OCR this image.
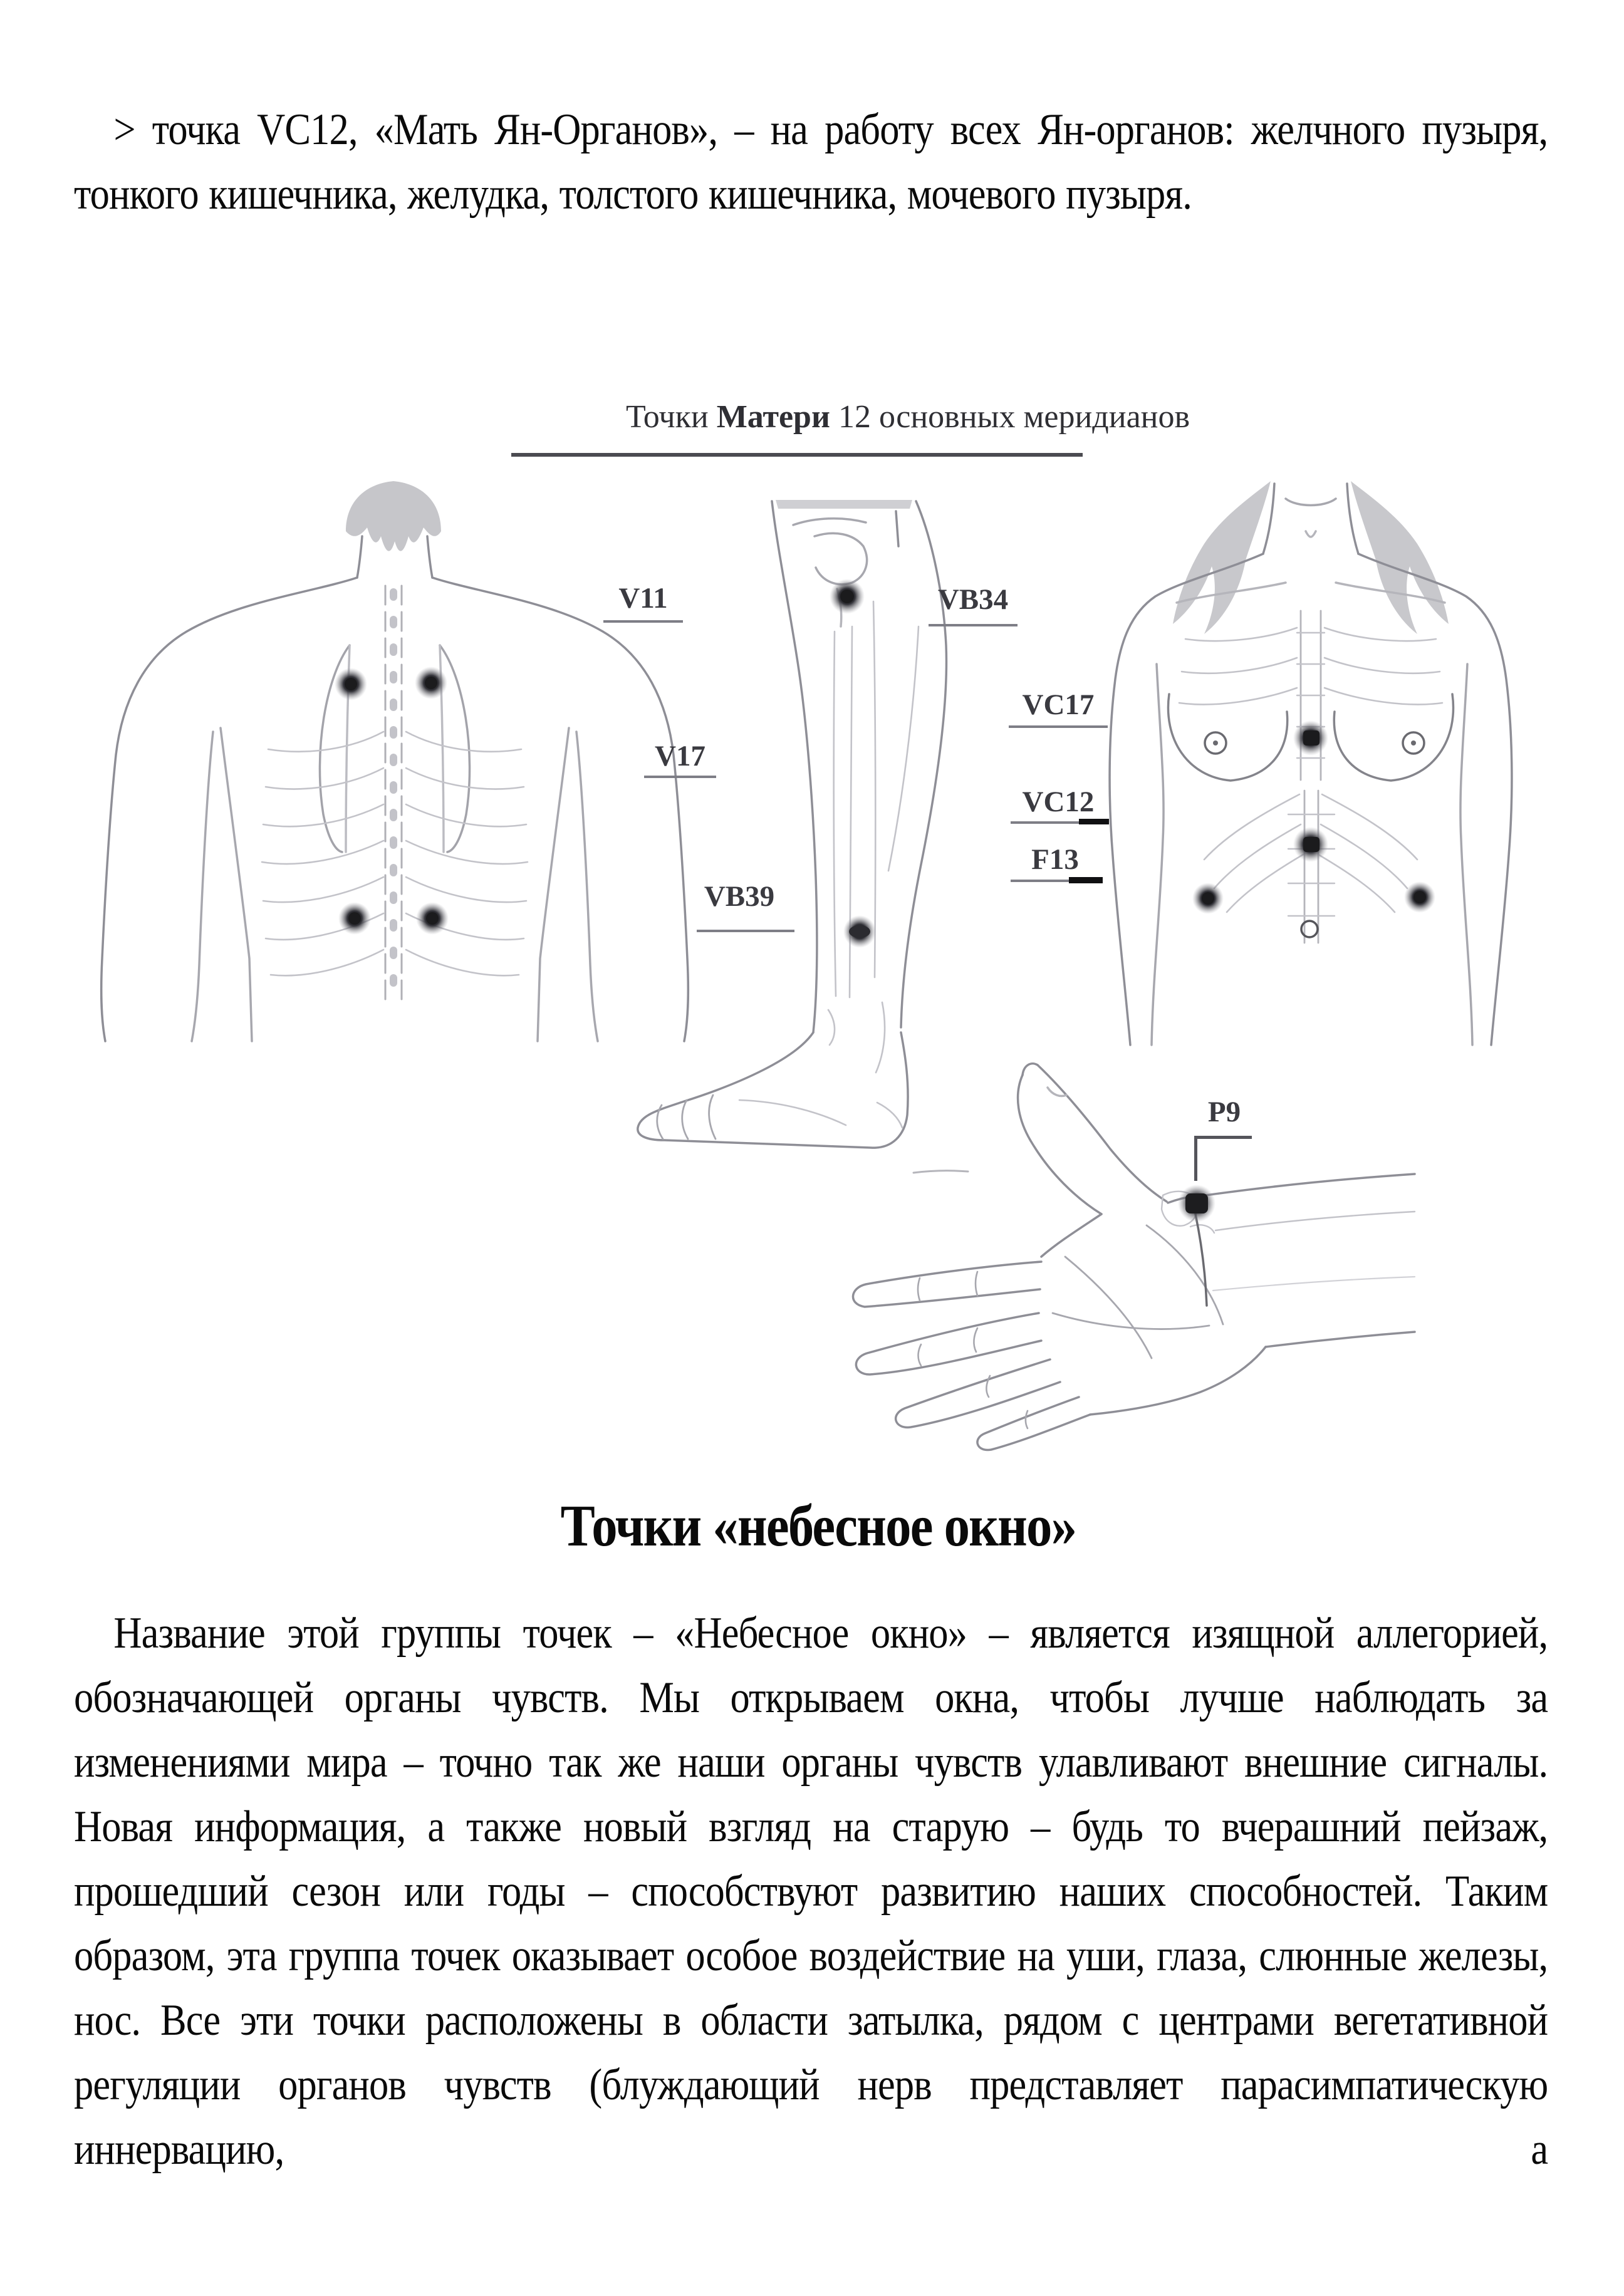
> точка VC12, «Мать Ян-Органов», – на работу всех Ян-органов: желчного пузыря, тонкого кишечника, желудка, толстого кишечника, мочевого пузыря.
Точки Матери 12 основных меридианов
V11
V17
VB39
VB34
VC17
VC12
F13
P9
Точки «небесное окно»
Название этой группы точек – «Небесное окно» – является изящной аллегорией, обозначающей органы чувств. Мы открываем окна, чтобы лучше наблюдать за изменениями мира – точно так же наши органы чувств улавливают внешние сигналы. Новая информация, а также новый взгляд на старую – будь то вчерашний пейзаж, прошедший сезон или годы – способствуют развитию наших способностей. Таким образом, эта группа точек оказывает особое воздействие на уши, глаза, слюнные железы, нос. Все эти точки расположены в области затылка, рядом с центрами вегетативной регуляции органов чувств (блуждающий нерв представляет парасимпатическую иннервацию, а
